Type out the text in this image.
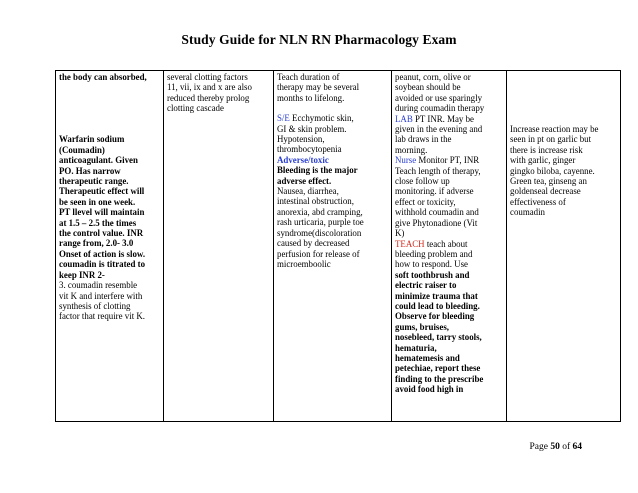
Study Guide for NLN RN Pharmacology Exam
the body can absorbed,
Warfarin sodium
(Coumadin)
anticoagulant. Given
PO. Has narrow
therapeutic range.
Therapeutic effect will
be seen in one week.
PT llevel will maintain
at 1.5 – 2.5 the times
the control value. INR
range from, 2.0- 3.0
Onset of action is slow.
coumadin is titrated to
keep INR 2-
3. coumadin resemble
vit K and interfere with
synthesis of clotting
factor that require vit K.

several clotting factors
11, vii, ix and x are also
reduced thereby prolog
clotting cascade

Teach duration of
therapy may be several
months to lifelong.
S/E Ecchymotic skin,
GI & skin problem.
Hypotension,
thrombocytopenia
Adverse/toxic
Bleeding is the major
adverse effect.
Nausea, diarrhea,
intestinal obstruction,
anorexia, abd cramping,
rash urticaria, purple toe
syndrome(discoloration
caused by decreased
perfusion for release of
microemboolic

peanut, corn, olive or
soybean should be
avoided or use sparingly
during coumadin therapy
LAB PT INR. May be
given in the evening and
lab draws in the
morning.
Nurse Monitor PT, INR
Teach length of therapy,
close follow up
monitoring. if adverse
effect or toxicity,
withhold coumadin and
give Phytonadione (Vit
K)
TEACH teach about
bleeding problem and
how to respond. Use
soft toothbrush and
electric raiser to
minimize trauma that
could lead to bleeding.
Observe for bleeding
gums, bruises,
nosebleed, tarry stools,
hematuria,
hematemesis and
petechiae, report these
finding to the prescribe
avoid food high in

Increase reaction may be
seen in pt on garlic but
there is increase risk
with garlic, ginger
gingko biloba, cayenne.
Green tea, ginseng an
goldenseal decrease
effectiveness of
coumadin
Page 50 of 64
